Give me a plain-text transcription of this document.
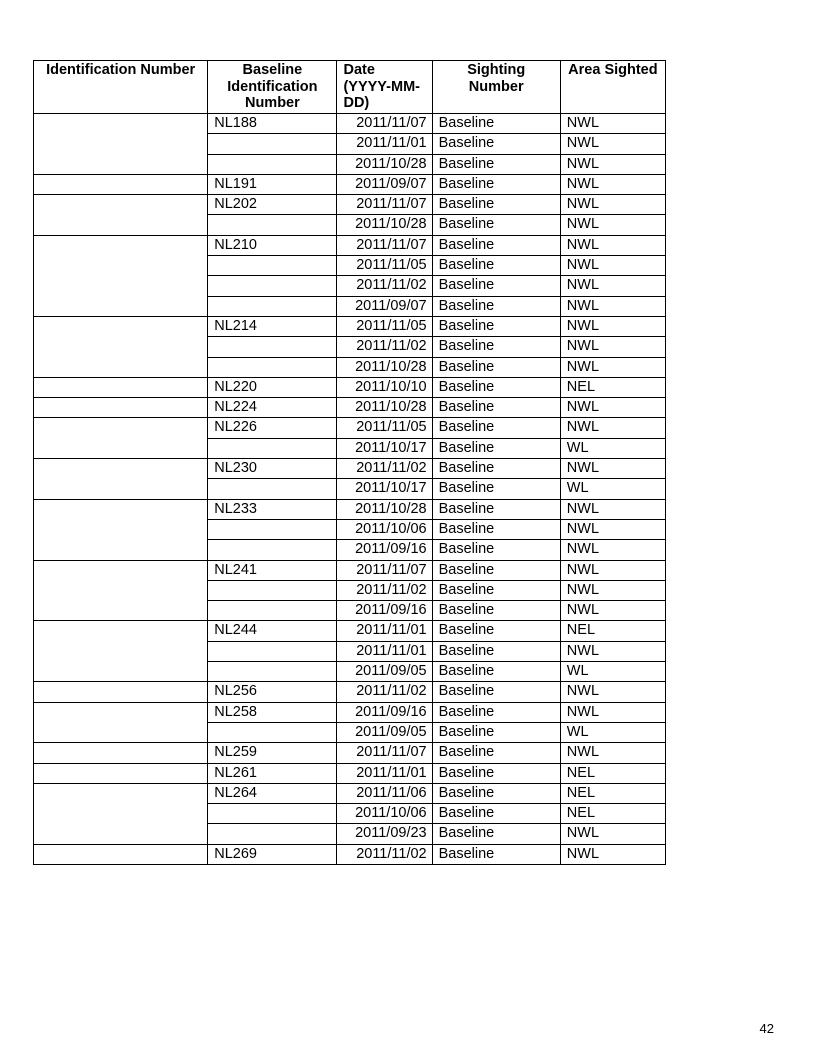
Identification Number	Baseline Identification Number	Date (YYYY-MM-DD)	Sighting Number	Area Sighted
	NL188	2011/11/07	Baseline	NWL
		2011/11/01	Baseline	NWL
		2011/10/28	Baseline	NWL
	NL191	2011/09/07	Baseline	NWL
	NL202	2011/11/07	Baseline	NWL
		2011/10/28	Baseline	NWL
	NL210	2011/11/07	Baseline	NWL
		2011/11/05	Baseline	NWL
		2011/11/02	Baseline	NWL
		2011/09/07	Baseline	NWL
	NL214	2011/11/05	Baseline	NWL
		2011/11/02	Baseline	NWL
		2011/10/28	Baseline	NWL
	NL220	2011/10/10	Baseline	NEL
	NL224	2011/10/28	Baseline	NWL
	NL226	2011/11/05	Baseline	NWL
		2011/10/17	Baseline	WL
	NL230	2011/11/02	Baseline	NWL
		2011/10/17	Baseline	WL
	NL233	2011/10/28	Baseline	NWL
		2011/10/06	Baseline	NWL
		2011/09/16	Baseline	NWL
	NL241	2011/11/07	Baseline	NWL
		2011/11/02	Baseline	NWL
		2011/09/16	Baseline	NWL
	NL244	2011/11/01	Baseline	NEL
		2011/11/01	Baseline	NWL
		2011/09/05	Baseline	WL
	NL256	2011/11/02	Baseline	NWL
	NL258	2011/09/16	Baseline	NWL
		2011/09/05	Baseline	WL
	NL259	2011/11/07	Baseline	NWL
	NL261	2011/11/01	Baseline	NEL
	NL264	2011/11/06	Baseline	NEL
		2011/10/06	Baseline	NEL
		2011/09/23	Baseline	NWL
	NL269	2011/11/02	Baseline	NWL
42
